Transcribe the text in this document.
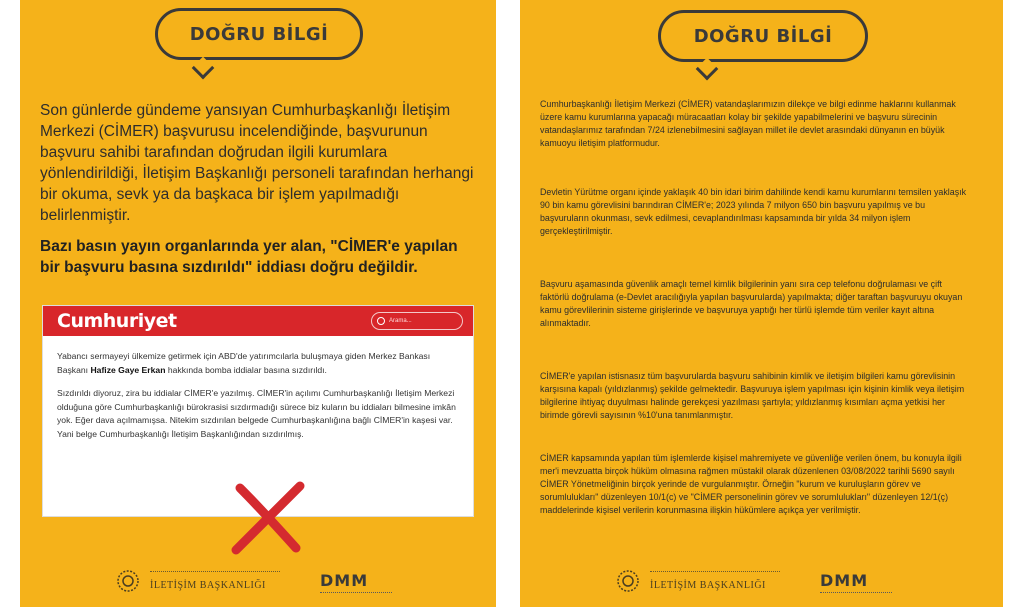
DOĞRU BİLGİ
Son günlerde gündeme yansıyan Cumhurbaşkanlığı İletişim Merkezi (CİMER) başvurusu incelendiğinde, başvurunun başvuru sahibi tarafından doğrudan ilgili kurumlara yönlendirildiği, İletişim Başkanlığı personeli tarafından herhangi bir okuma, sevk ya da başkaca bir işlem yapılmadığı belirlenmiştir.
Bazı basın yayın organlarında yer alan, "CİMER'e yapılan bir başvuru basına sızdırıldı" iddiası doğru değildir.
Cumhuriyet	Arama...

Yabancı sermayeyi ülkemize getirmek için ABD'de yatırımcılarla buluşmaya giden Merkez Bankası Başkanı Hafize Gaye Erkan hakkında bomba iddialar basına sızdırıldı.

Sızdırıldı diyoruz, zira bu iddialar CİMER'e yazılmış. CİMER'in açılımı Cumhurbaşkanlığı İletişim Merkezi olduğuna göre Cumhurbaşkanlığı bürokrasisi sızdırmadığı sürece biz kuların bu iddiaları bilmesine imkân yok. Eğer dava açılmamışsa. Nitekim sızdırılan belgede Cumhurbaşkanlığına bağlı CİMER'in kaşesi var. Yani belge Cumhurbaşkanlığı İletişim Başkanlığından sızdırılmış.

İLETİŞİM BAŞKANLIĞI	DMM
DOĞRU BİLGİ
Cumhurbaşkanlığı İletişim Merkezi (CİMER) vatandaşlarımızın dilekçe ve bilgi edinme haklarını kullanmak üzere kamu kurumlarına yapacağı müracaatları kolay bir şekilde yapabilmelerini ve başvuru sürecinin vatandaşlarımız tarafından 7/24 izlenebilmesini sağlayan millet ile devlet arasındaki dünyanın en büyük kamuoyu iletişim platformudur.
Devletin Yürütme organı içinde yaklaşık 40 bin idari birim dahilinde kendi kamu kurumlarını temsilen yaklaşık 90 bin kamu görevlisini barındıran CİMER'e; 2023 yılında 7 milyon 650 bin başvuru yapılmış ve bu başvuruların okunması, sevk edilmesi, cevaplandırılması kapsamında bir yılda 34 milyon işlem gerçekleştirilmiştir.
Başvuru aşamasında güvenlik amaçlı temel kimlik bilgilerinin yanı sıra cep telefonu doğrulaması ve çift faktörlü doğrulama (e-Devlet aracılığıyla yapılan başvurularda) yapılmakta; diğer taraftan başvuruyu okuyan kamu görevlilerinin sisteme girişlerinde ve başvuruya yaptığı her türlü işlemde tüm veriler kayıt altına alınmaktadır.
CİMER'e yapılan istisnasız tüm başvurularda başvuru sahibinin kimlik ve iletişim bilgileri kamu görevlisinin karşısına kapalı (yıldızlanmış) şekilde gelmektedir. Başvuruya işlem yapılması için kişinin kimlik veya iletişim bilgilerine ihtiyaç duyulması halinde gerekçesi yazılması şartıyla; yıldızlanmış kısımları açma yetkisi her birimde görevli sayısının %10'una tanımlanmıştır.
CİMER kapsamında yapılan tüm işlemlerde kişisel mahremiyete ve güvenliğe verilen önem, bu konuyla ilgili mer'i mevzuatta birçok hüküm olmasına rağmen müstakil olarak düzenlenen 03/08/2022 tarihli 5690 sayılı CİMER Yönetmeliğinin birçok yerinde de vurgulanmıştır. Örneğin "kurum ve kuruluşların görev ve sorumlulukları" düzenleyen 10/1(c) ve "CİMER personelinin görev ve sorumlulukları" düzenleyen 12/1(ç) maddelerinde kişisel verilerin korunmasına ilişkin hükümlere açıkça yer verilmiştir.
İLETİŞİM BAŞKANLIĞI	DMM
